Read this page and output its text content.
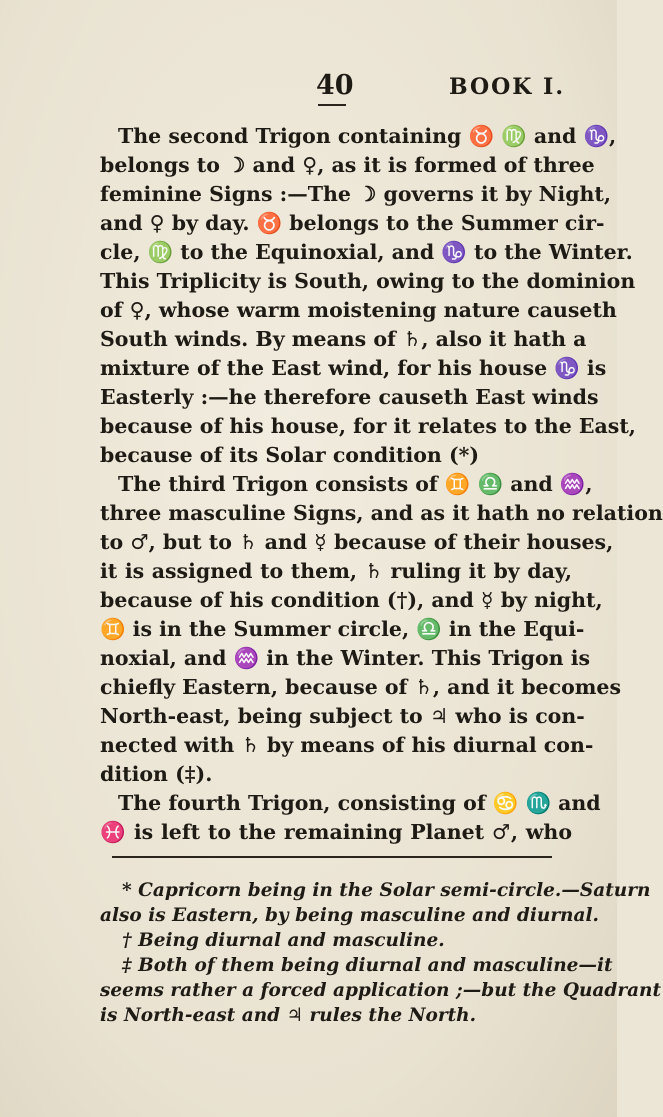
40	BOOK I.
The second Trigon containing ♉ ♍ and ♑,
belongs to ☽ and ♀, as it is formed of three
feminine Signs :—The ☽ governs it by Night,
and ♀ by day. ♉ belongs to the Summer cir-
cle, ♍ to the Equinoxial, and ♑ to the Winter.
This Triplicity is South, owing to the dominion
of ♀, whose warm moistening nature causeth
South winds. By means of ♄, also it hath a
mixture of the East wind, for his house ♑ is
Easterly :—he therefore causeth East winds
because of his house, for it relates to the East,
because of its Solar condition (*)
The third Trigon consists of ♊ ♎ and ♒,
three masculine Signs, and as it hath no relation
to ♂, but to ♄ and ☿ because of their houses,
it is assigned to them, ♄ ruling it by day,
because of his condition (†), and ☿ by night,
♊ is in the Summer circle, ♎ in the Equi-
noxial, and ♒ in the Winter. This Trigon is
chiefly Eastern, because of ♄, and it becomes
North-east, being subject to ♃ who is con-
nected with ♄ by means of his diurnal con-
dition (‡).
The fourth Trigon, consisting of ♋ ♏ and
♓ is left to the remaining Planet ♂, who
* Capricorn being in the Solar semi-circle.—Saturn
also is Eastern, by being masculine and diurnal.
† Being diurnal and masculine.
‡ Both of them being diurnal and masculine—it
seems rather a forced application ;—but the Quadrant
is North-east and ♃ rules the North.
